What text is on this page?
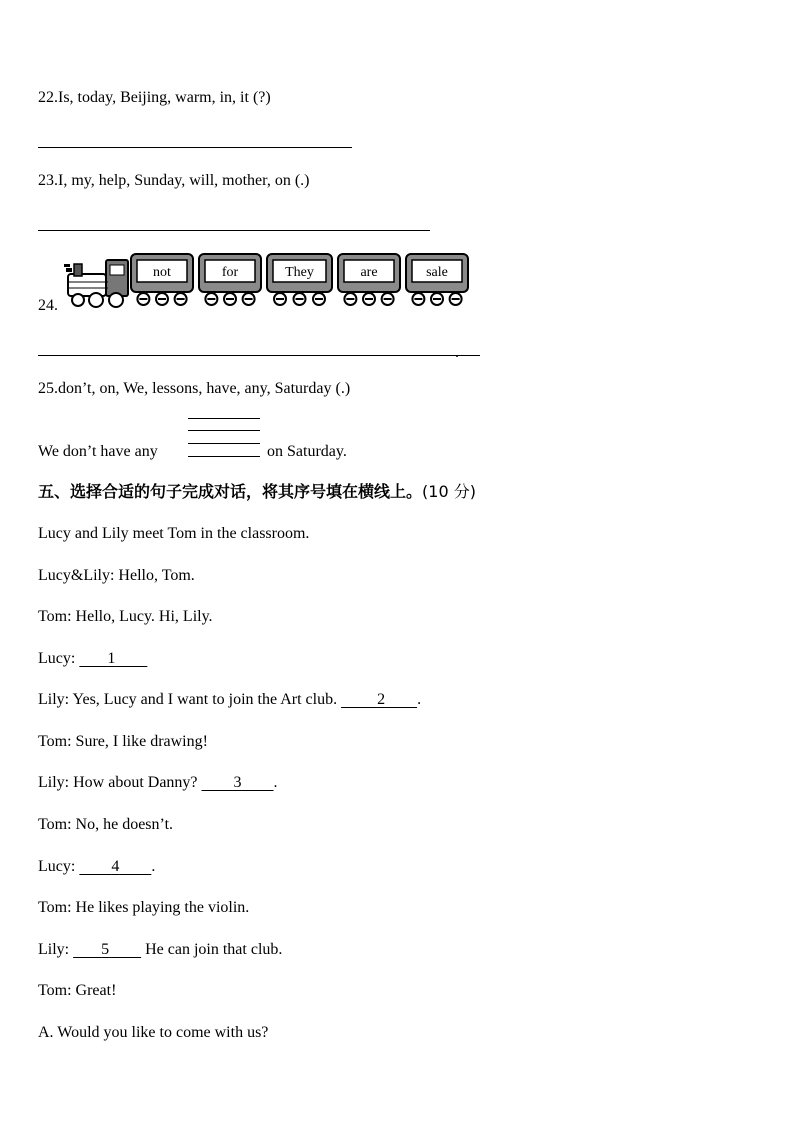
22.Is, today, Beijing, warm, in, it (?)
23.I, my, help, Sunday, will, mother, on (.)
24.
not	for	They	are	sale
.
25.don’t, on, We, lessons, have, any, Saturday (.)
We don’t have any	on Saturday.
五、选择合适的句子完成对话，将其序号填在横线上。(10 分)
Lucy and Lily meet Tom in the classroom.
Lucy&Lily: Hello, Tom.
Tom: Hello, Lucy. Hi, Lily.
Lucy:        1
Lily: Yes, Lucy and I want to join the Art club.          2 .
Tom: Sure, I like drawing!
Lily: How about Danny?         3 .
Tom: No, he doesn’t.
Lucy:         4 .
Tom: He likes playing the violin.
Lily:        5         He can join that club.
Tom: Great!
A. Would you like to come with us?
